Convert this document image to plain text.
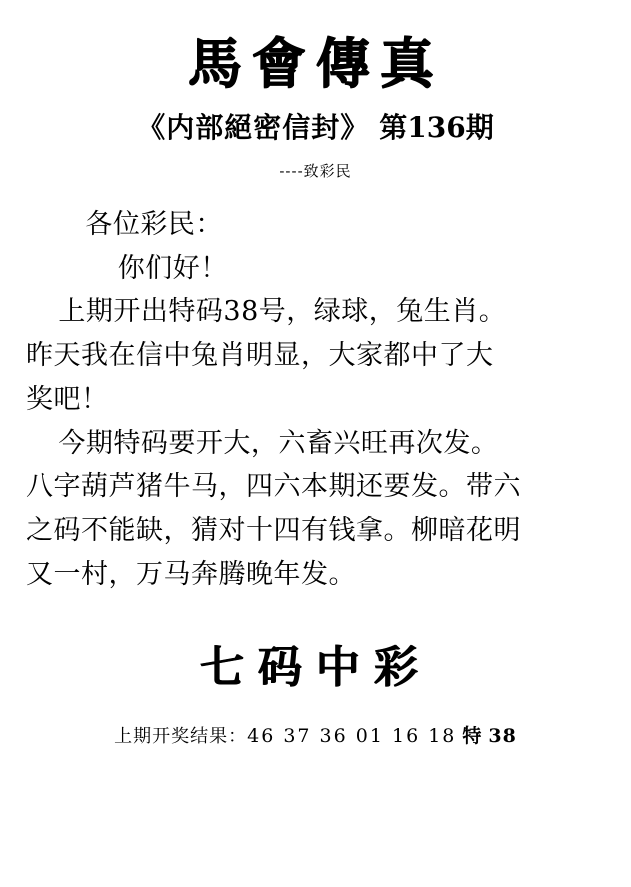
馬會傳真
《内部絕密信封》 第136期
----致彩民

各位彩民：

你们好！

上期开出特码38号，绿球，兔生肖。

昨天我在信中兔肖明显，大家都中了大

奖吧！

今期特码要开大，六畜兴旺再次发。

八字葫芦猪牛马，四六本期还要发。带六

之码不能缺，猜对十四有钱拿。柳暗花明

又一村，万马奔腾晚年发。

七码中彩
上期开奖结果：46 37 36 01 16 18 特 38
